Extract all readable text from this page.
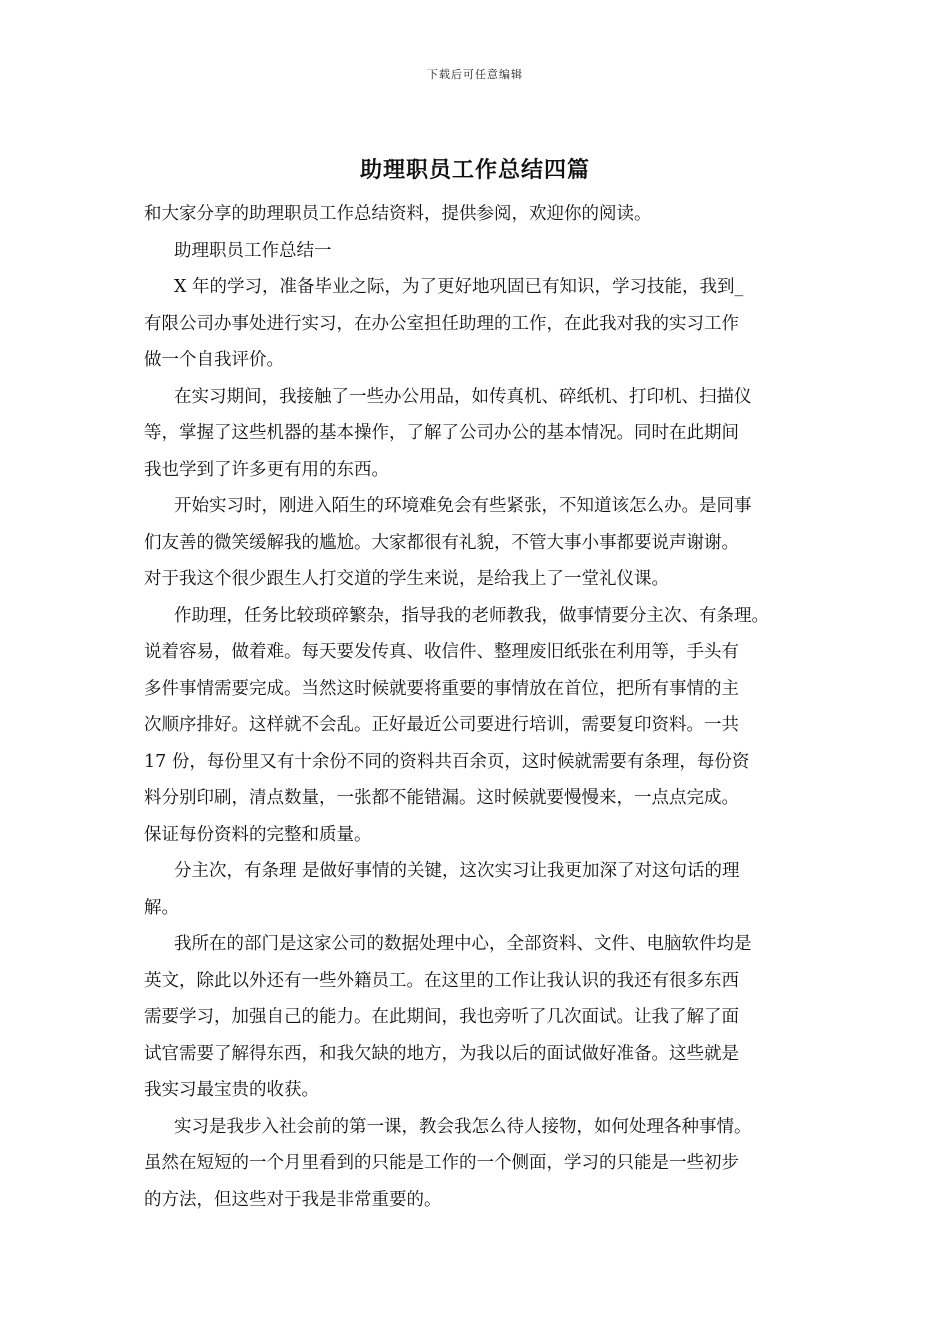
下载后可任意编辑
助理职员工作总结四篇
和大家分享的助理职员工作总结资料，提供参阅，欢迎你的阅读。
助理职员工作总结一
X 年的学习，准备毕业之际，为了更好地巩固已有知识，学习技能，我到_
有限公司办事处进行实习，在办公室担任助理的工作，在此我对我的实习工作
做一个自我评价。
在实习期间，我接触了一些办公用品，如传真机、碎纸机、打印机、扫描仪
等，掌握了这些机器的基本操作，了解了公司办公的基本情况。同时在此期间
我也学到了许多更有用的东西。
开始实习时，刚进入陌生的环境难免会有些紧张，不知道该怎么办。是同事
们友善的微笑缓解我的尴尬。大家都很有礼貌，不管大事小事都要说声谢谢。
对于我这个很少跟生人打交道的学生来说，是给我上了一堂礼仪课。
作助理，任务比较琐碎繁杂，指导我的老师教我，做事情要分主次、有条理。
说着容易，做着难。每天要发传真、收信件、整理废旧纸张在利用等，手头有
多件事情需要完成。当然这时候就要将重要的事情放在首位，把所有事情的主
次顺序排好。这样就不会乱。正好最近公司要进行培训，需要复印资料。一共
17 份，每份里又有十余份不同的资料共百余页，这时候就需要有条理，每份资
料分别印刷，清点数量，一张都不能错漏。这时候就要慢慢来，一点点完成。
保证每份资料的完整和质量。
分主次，有条理 是做好事情的关键，这次实习让我更加深了对这句话的理
解。
我所在的部门是这家公司的数据处理中心，全部资料、文件、电脑软件均是
英文，除此以外还有一些外籍员工。在这里的工作让我认识的我还有很多东西
需要学习，加强自己的能力。在此期间，我也旁听了几次面试。让我了解了面
试官需要了解得东西，和我欠缺的地方，为我以后的面试做好准备。这些就是
我实习最宝贵的收获。
实习是我步入社会前的第一课，教会我怎么待人接物，如何处理各种事情。
虽然在短短的一个月里看到的只能是工作的一个侧面，学习的只能是一些初步
的方法，但这些对于我是非常重要的。
